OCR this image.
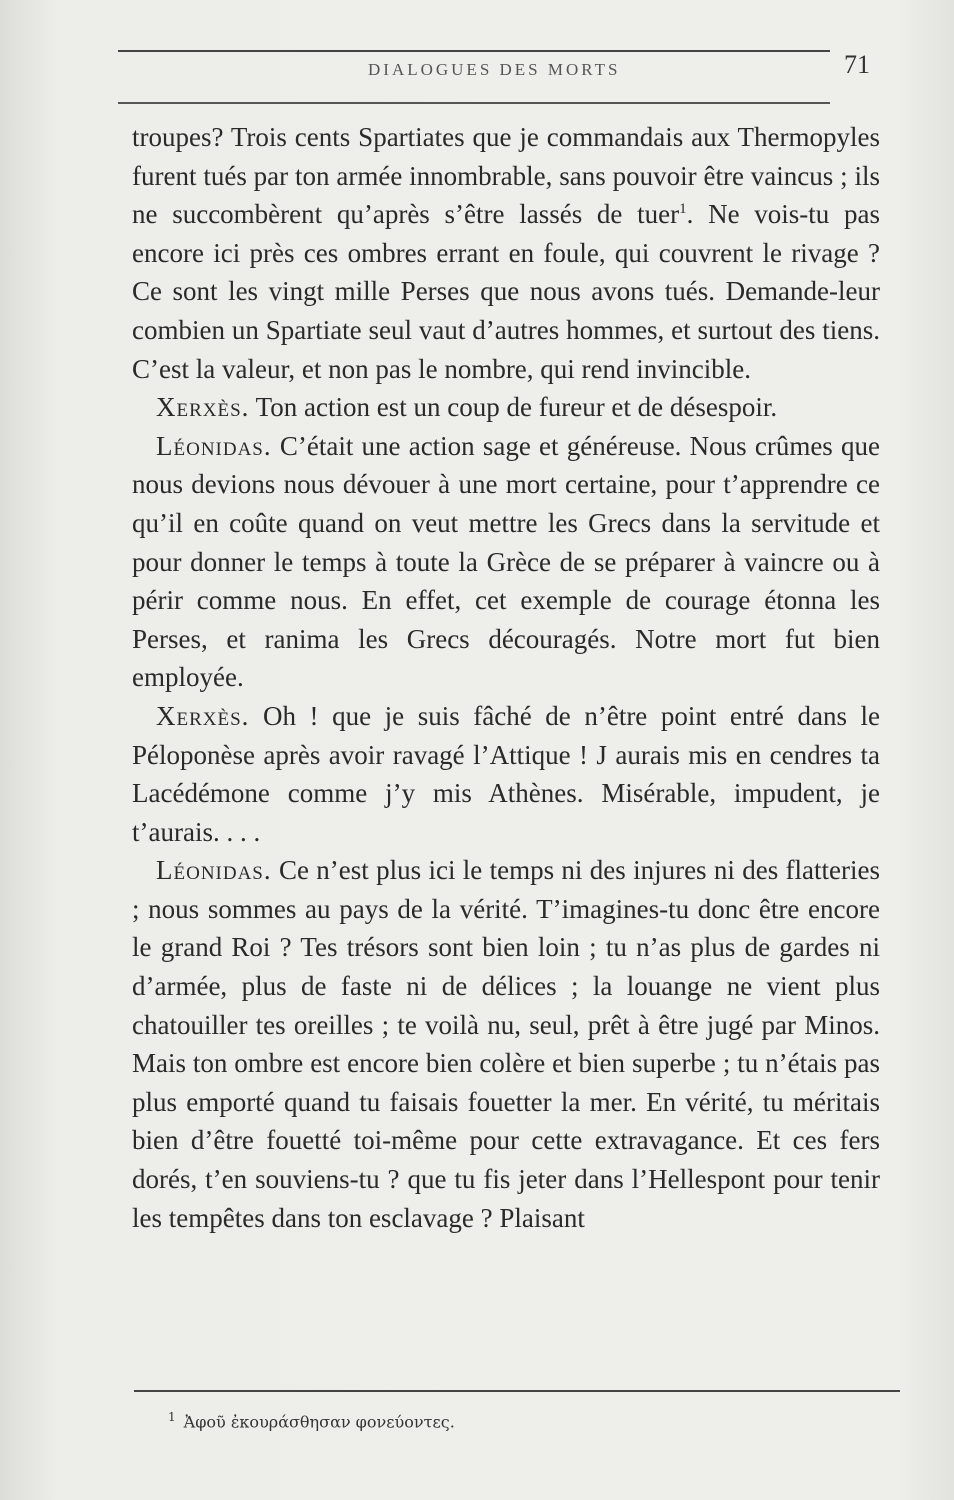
DIALOGUES DES MORTS	71

troupes? Trois cents Spartiates que je commandais aux Thermopyles furent tués par ton armée innombrable, sans pouvoir être vaincus ; ils ne succombèrent qu’après s’être lassés de tuer$^1$. Ne vois-tu pas encore ici près ces ombres errant en foule, qui couvrent le rivage ? Ce sont les vingt mille Perses que nous avons tués. Demande-leur combien un Spartiate seul vaut d’autres hommes, et surtout des tiens. C’est la valeur, et non pas le nombre, qui rend invincible.

Xerxès. Ton action est un coup de fureur et de désespoir.

Léonidas. C’était une action sage et généreuse. Nous crûmes que nous devions nous dévouer à une mort certaine, pour t’apprendre ce qu’il en coûte quand on veut mettre les Grecs dans la servitude et pour donner le temps à toute la Grèce de se préparer à vaincre ou à périr comme nous. En effet, cet exemple de courage étonna les Perses, et ranima les Grecs découragés. Notre mort fut bien employée.

Xerxès. Oh ! que je suis fâché de n’être point entré dans le Péloponèse après avoir ravagé l’Attique ! J aurais mis en cendres ta Lacédémone comme j’y mis Athènes. Misérable, impudent, je t’aurais. . . .

Léonidas. Ce n’est plus ici le temps ni des injures ni des flatteries ; nous sommes au pays de la vérité. T’imagines-tu donc être encore le grand Roi ? Tes trésors sont bien loin ; tu n’as plus de gardes ni d’armée, plus de faste ni de délices ; la louange ne vient plus chatouiller tes oreilles ; te voilà nu, seul, prêt à être jugé par Minos. Mais ton ombre est encore bien colère et bien superbe ; tu n’étais pas plus emporté quand tu faisais fouetter la mer. En vérité, tu méritais bien d’être fouetté toi-même pour cette extravagance. Et ces fers dorés, t’en souviens-tu ? que tu fis jeter dans l’Hellespont pour tenir les tempêtes dans ton esclavage ? Plaisant

$^1$ Ἀφοῦ ἐκουράσθησαν φονεύοντες.
